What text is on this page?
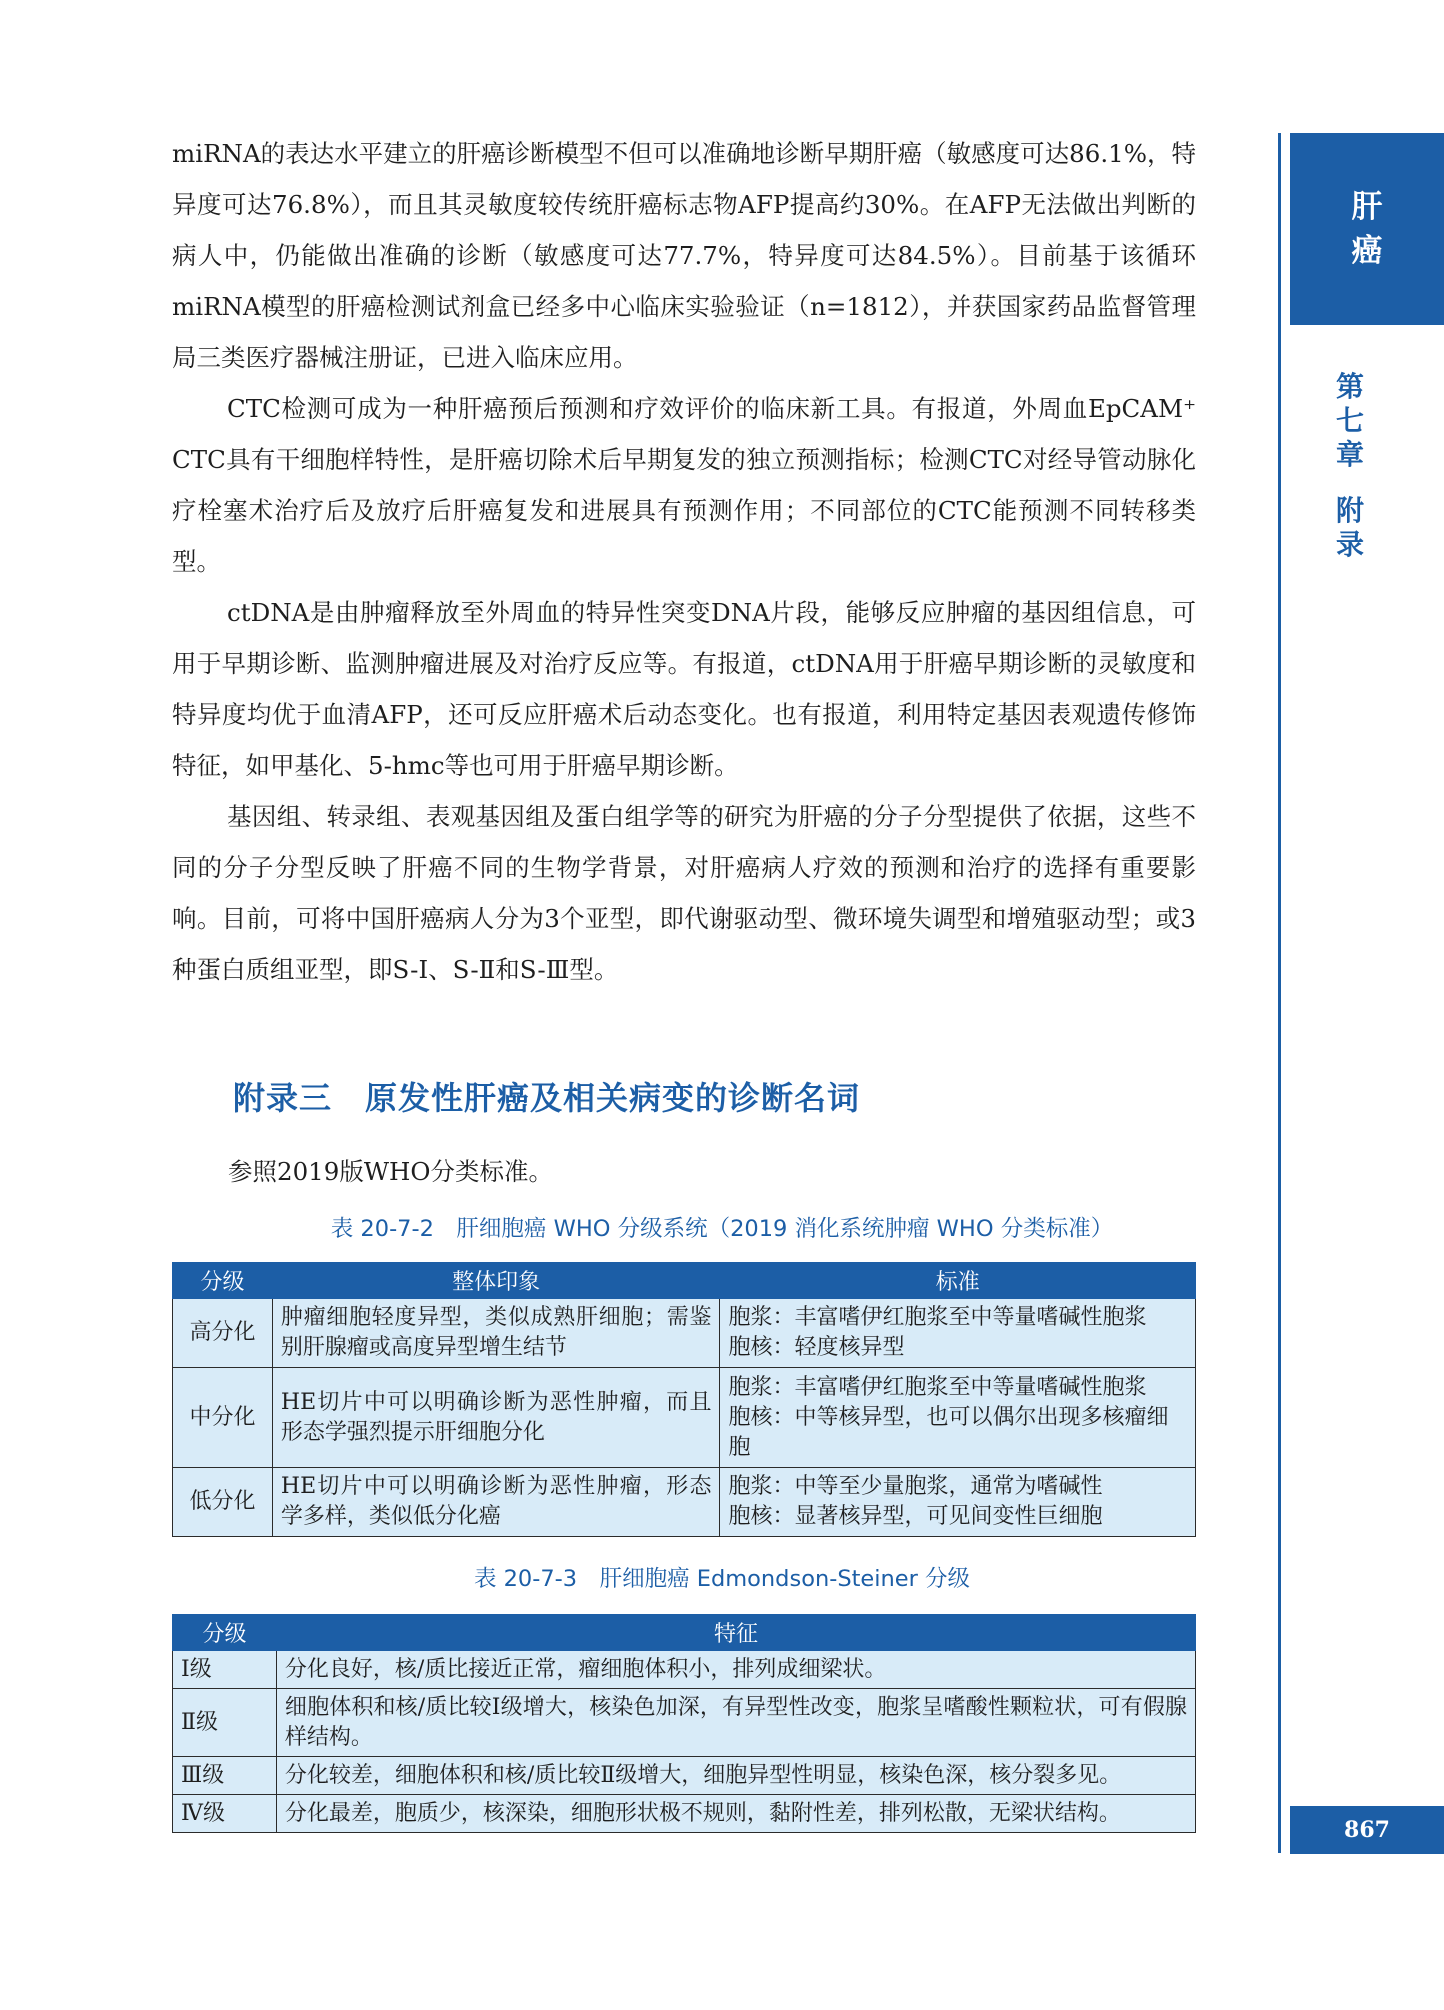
miRNA的表达水平建立的肝癌诊断模型不但可以准确地诊断早期肝癌（敏感度可达86.1%，特异度可达76.8%），而且其灵敏度较传统肝癌标志物AFP提高约30%。在AFP无法做出判断的病人中，仍能做出准确的诊断（敏感度可达77.7%，特异度可达84.5%）。目前基于该循环miRNA模型的肝癌检测试剂盒已经多中心临床实验验证（n=1812），并获国家药品监督管理局三类医疗器械注册证，已进入临床应用。

CTC检测可成为一种肝癌预后预测和疗效评价的临床新工具。有报道，外周血EpCAM⁺ CTC具有干细胞样特性，是肝癌切除术后早期复发的独立预测指标；检测CTC对经导管动脉化疗栓塞术治疗后及放疗后肝癌复发和进展具有预测作用；不同部位的CTC能预测不同转移类型。

ctDNA是由肿瘤释放至外周血的特异性突变DNA片段，能够反应肿瘤的基因组信息，可用于早期诊断、监测肿瘤进展及对治疗反应等。有报道，ctDNA用于肝癌早期诊断的灵敏度和特异度均优于血清AFP，还可反应肝癌术后动态变化。也有报道，利用特定基因表观遗传修饰特征，如甲基化、5-hmc等也可用于肝癌早期诊断。

基因组、转录组、表观基因组及蛋白组学等的研究为肝癌的分子分型提供了依据，这些不同的分子分型反映了肝癌不同的生物学背景，对肝癌病人疗效的预测和治疗的选择有重要影响。目前，可将中国肝癌病人分为3个亚型，即代谢驱动型、微环境失调型和增殖驱动型；或3种蛋白质组亚型，即S-Ⅰ、S-Ⅱ和S-Ⅲ型。

肝
癌
第
七
章
附
录
867
附录三　原发性肝癌及相关病变的诊断名词
参照2019版WHO分类标准。
表 20-7-2　肝细胞癌 WHO 分级系统（2019 消化系统肿瘤 WHO 分类标准）
分级	整体印象	标准
高分化	肿瘤细胞轻度异型，类似成熟肝细胞；需鉴别肝腺瘤或高度异型增生结节	胞浆：丰富嗜伊红胞浆至中等量嗜碱性胞浆
胞核：轻度核异型

中分化	HE切片中可以明确诊断为恶性肿瘤，而且形态学强烈提示肝细胞分化	胞浆：丰富嗜伊红胞浆至中等量嗜碱性胞浆
胞核：中等核异型，也可以偶尔出现多核瘤细胞

低分化	HE切片中可以明确诊断为恶性肿瘤，形态学多样，类似低分化癌	胞浆：中等至少量胞浆，通常为嗜碱性
胞核：显著核异型，可见间变性巨细胞
表 20-7-3　肝细胞癌 Edmondson-Steiner 分级
分级	特征
Ⅰ级	分化良好，核/质比接近正常，瘤细胞体积小，排列成细梁状。
Ⅱ级	细胞体积和核/质比较Ⅰ级增大，核染色加深，有异型性改变，胞浆呈嗜酸性颗粒状，可有假腺样结构。
Ⅲ级	分化较差，细胞体积和核/质比较Ⅱ级增大，细胞异型性明显，核染色深，核分裂多见。
Ⅳ级	分化最差，胞质少，核深染，细胞形状极不规则，黏附性差，排列松散，无梁状结构。
